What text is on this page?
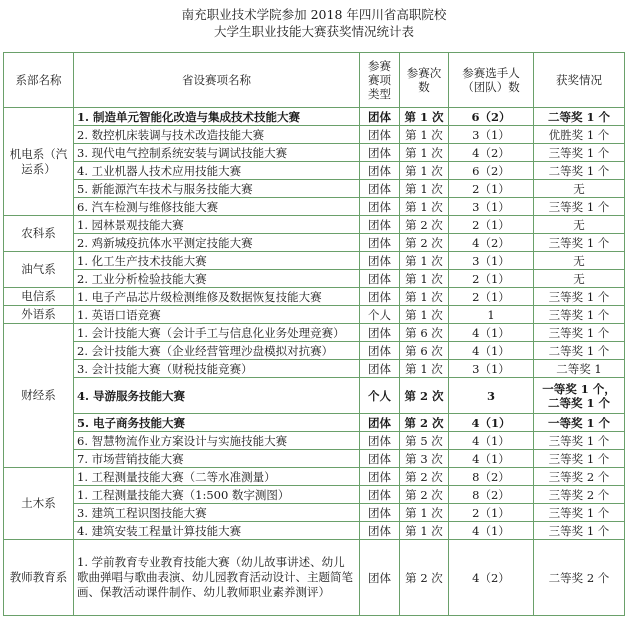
南充职业技术学院参加 2018 年四川省高职院校
大学生职业技能大赛获奖情况统计表
系部名称	省设赛项名称	参赛赛项类型	参赛次数	参赛选手人（团队）数	获奖情况
机电系（汽运系）	1. 制造单元智能化改造与集成技术技能大赛	团体	第 1 次	6（2）	二等奖 1 个
	2. 数控机床装调与技术改造技能大赛	团体	第 1 次	3（1）	优胜奖 1 个
	3. 现代电气控制系统安装与调试技能大赛	团体	第 1 次	4（2）	三等奖 1 个
	4. 工业机器人技术应用技能大赛	团体	第 1 次	6（2）	二等奖 1 个
	5. 新能源汽车技术与服务技能大赛	团体	第 1 次	2（1）	无
	6. 汽车检测与维修技能大赛	团体	第 1 次	3（1）	三等奖 1 个
农科系	1. 园林景观技能大赛	团体	第 2 次	2（1）	无
	2. 鸡新城疫抗体水平测定技能大赛	团体	第 2 次	4（2）	三等奖 1 个
油气系	1. 化工生产技术技能大赛	团体	第 1 次	3（1）	无
	2. 工业分析检验技能大赛	团体	第 1 次	2（1）	无
电信系	1. 电子产品芯片级检测维修及数据恢复技能大赛	团体	第 1 次	2（1）	三等奖 1 个
外语系	1. 英语口语竞赛	个人	第 1 次	1	三等奖 1 个
财经系	1. 会计技能大赛（会计手工与信息化业务处理竞赛）	团体	第 6 次	4（1）	三等奖 1 个
	2. 会计技能大赛（企业经营管理沙盘模拟对抗赛）	团体	第 6 次	4（1）	二等奖 1 个
	3. 会计技能大赛（财税技能竞赛）	团体	第 1 次	3（1）	二等奖 1
	4. 导游服务技能大赛	个人	第 2 次	3	一等奖 1 个，二等奖 1 个
	5. 电子商务技能大赛	团体	第 2 次	4（1）	一等奖 1 个
	6. 智慧物流作业方案设计与实施技能大赛	团体	第 5 次	4（1）	三等奖 1 个
	7. 市场营销技能大赛	团体	第 3 次	4（1）	三等奖 1 个
土木系	1. 工程测量技能大赛（二等水准测量）	团体	第 2 次	8（2）	三等奖 2 个
	1. 工程测量技能大赛（1:500 数字测图）	团体	第 2 次	8（2）	三等奖 2 个
	3. 建筑工程识图技能大赛	团体	第 1 次	2（1）	三等奖 1 个
	4. 建筑安装工程量计算技能大赛	团体	第 1 次	4（1）	三等奖 1 个
教师教育系	1. 学前教育专业教育技能大赛（幼儿故事讲述、幼儿歌曲弹唱与歌曲表演、幼儿园教育活动设计、主题简笔画、保教活动课件制作、幼儿教师职业素养测评）	团体	第 2 次	4（2）	二等奖 2 个
